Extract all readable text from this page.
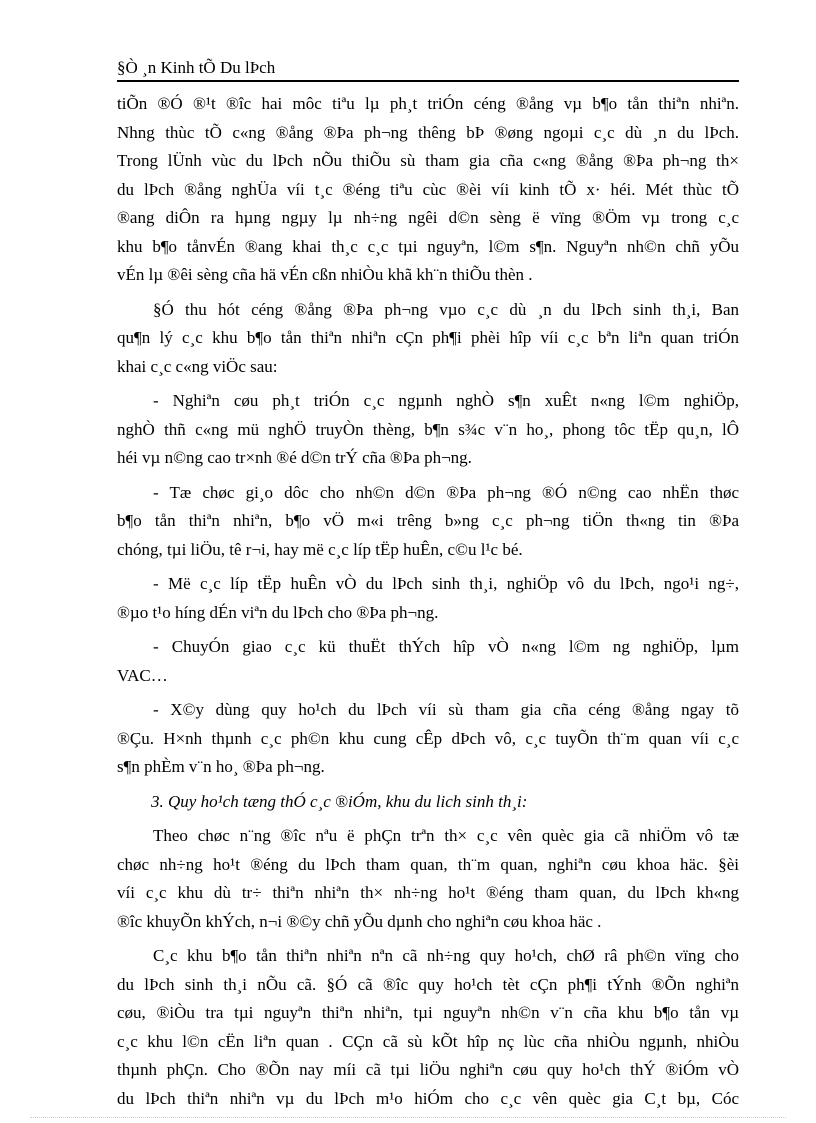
§Ò ¸n Kinh tÕ Du lÞch
tiÕn ®Ó ®¹t ®îc hai môc tiªu lµ ph¸t triÓn céng ®ång vµ b¶o tån thiªn nhiªn.
Nhng thùc tÕ c«ng ®ång ®Þa ph¬ng thêng bÞ ®øng ngoµi c¸c dù ¸n du lÞch.
Trong lÜnh vùc du lÞch nÕu thiÕu sù tham gia cña c«ng ®ång ®Þa ph¬ng th×
du lÞch ®ång nghÜa víi t¸c ®éng tiªu cùc ®èi víi kinh tÕ x· héi. Mét thùc tÕ
®ang diÔn ra hµng ngµy lµ nh÷ng ngêi d©n sèng ë vïng ®Öm vµ trong c¸c
khu b¶o tånvÉn ®ang khai th¸c c¸c tµi nguyªn, l©m s¶n. Nguyªn nh©n chñ yÕu
vÉn lµ ®êi sèng cña hä vÉn cßn nhiÒu khã kh¨n thiÕu thèn .
§Ó thu hót céng ®ång ®Þa ph¬ng vµo c¸c dù ¸n du lÞch sinh th¸i, Ban
qu¶n lý c¸c khu b¶o tån thiªn nhiªn cÇn ph¶i phèi hîp víi c¸c bªn liªn quan triÓn
khai c¸c c«ng viÖc sau:
- Nghiªn cøu ph¸t triÓn c¸c ngµnh nghÒ s¶n xuÊt n«ng l©m nghiÖp,
nghÒ thñ c«ng mü nghÖ truyÒn thèng, b¶n s¾c v¨n ho¸, phong tôc tËp qu¸n, lÔ
héi vµ n©ng cao tr×nh ®é d©n trÝ cña ®Þa ph¬ng.
- Tæ chøc gi¸o dôc cho nh©n d©n ®Þa ph¬ng ®Ó n©ng cao nhËn thøc
b¶o tån thiªn nhiªn, b¶o vÖ m«i trêng b»ng c¸c ph¬ng tiÖn th«ng tin ®Þa
chóng, tµi liÖu, tê r¬i, hay më c¸c líp tËp huÊn, c©u l¹c bé.
- Më c¸c líp tËp huÊn vÒ du lÞch sinh th¸i, nghiÖp vô du lÞch, ngo¹i ng÷,
®µo t¹o híng dÉn viªn du lÞch cho ®Þa ph¬ng.
- ChuyÓn giao c¸c kü thuËt thÝch hîp vÒ n«ng l©m ng nghiÖp, lµm
VAC…
- X©y dùng quy ho¹ch du lÞch víi sù tham gia cña céng ®ång ngay tõ
®Çu. H×nh thµnh c¸c ph©n khu cung cÊp dÞch vô, c¸c tuyÕn th¨m quan víi c¸c
s¶n phÈm v¨n ho¸ ®Þa ph¬ng.
3. Quy ho¹ch tæng thÓ c¸c ®iÓm, khu du lich sinh th¸i:
Theo chøc n¨ng ®îc nªu ë phÇn trªn th× c¸c vên quèc gia cã nhiÖm vô tæ
chøc nh÷ng ho¹t ®éng du lÞch tham quan, th¨m quan, nghiªn cøu khoa häc. §èi
víi c¸c khu dù tr÷ thiªn nhiªn th× nh÷ng ho¹t ®éng tham quan, du lÞch kh«ng
®îc khuyÕn khÝch, n¬i ®©y chñ yÕu dµnh cho nghiªn cøu khoa häc .
C¸c khu b¶o tån thiªn nhiªn nªn cã nh÷ng quy ho¹ch, chØ râ ph©n vïng cho
du lÞch sinh th¸i nÕu cã. §Ó cã ®îc quy ho¹ch tèt cÇn ph¶i tÝnh ®Õn nghiªn
cøu, ®iÒu tra tµi nguyªn thiªn nhiªn, tµi nguyªn nh©n v¨n cña khu b¶o tån vµ
c¸c khu l©n cËn liªn quan . CÇn cã sù kÕt hîp nç lùc cña nhiÒu ngµnh, nhiÒu
thµnh phÇn. Cho ®Õn nay míi cã tµi liÖu nghiªn cøu quy ho¹ch thÝ ®iÓm vÒ
du lÞch thiªn nhiªn vµ du lÞch m¹o hiÓm cho c¸c vên quèc gia C¸t bµ, Cóc
